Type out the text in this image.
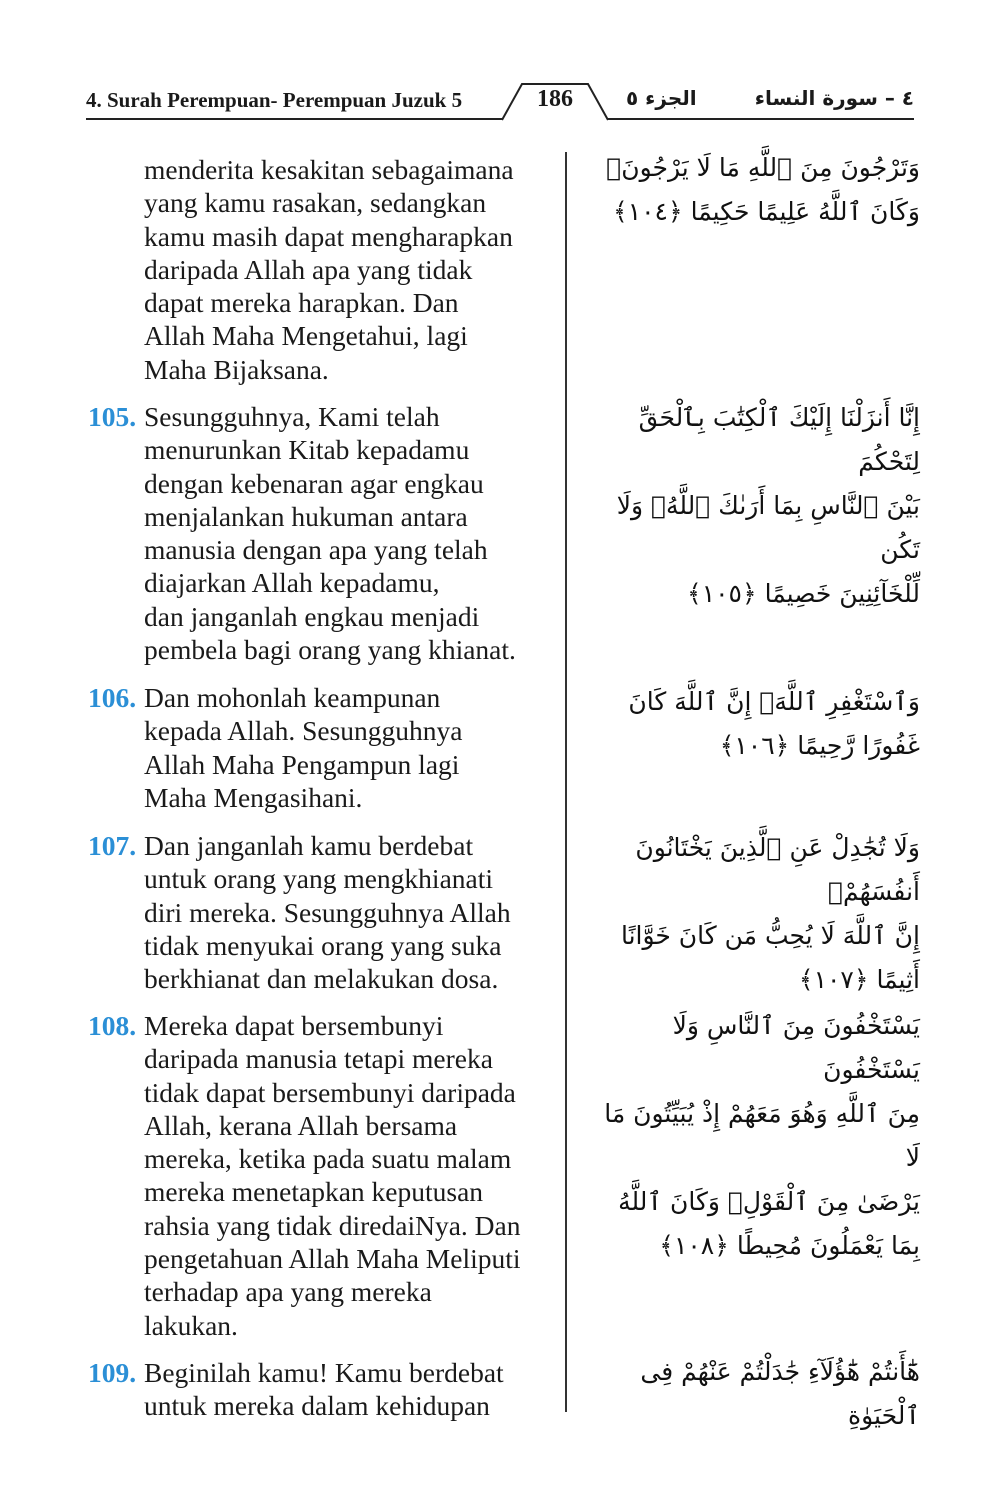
4. Surah Perempuan- Perempuan Juzuk 5	186	الجزء ٥	٤ – سورة النساء
menderita kesakitan sebagaimana
yang kamu rasakan, sedangkan
kamu masih dapat mengharapkan
daripada Allah apa yang tidak
dapat mereka harapkan. Dan
Allah Maha Mengetahui, lagi
Maha Bijaksana.
وَتَرْجُونَ مِنَ ٱللَّهِ مَا لَا يَرْجُونَۗ
وَكَانَ ٱللَّهُ عَلِيمًا حَكِيمًا ﴿١٠٤﴾
105. Sesungguhnya, Kami telah
menurunkan Kitab kepadamu
dengan kebenaran agar engkau
menjalankan hukuman antara
manusia dengan apa yang telah
diajarkan Allah kepadamu,
dan janganlah engkau menjadi
pembela bagi orang yang khianat.
إِنَّا أَنزَلْنَا إِلَيْكَ ٱلْكِتَٰبَ بِٱلْحَقِّ لِتَحْكُمَ
بَيْنَ ٱلنَّاسِ بِمَا أَرَىٰكَ ٱللَّهُۚ وَلَا تَكُن
لِّلْخَآئِنِينَ خَصِيمًا ﴿١٠٥﴾
106. Dan mohonlah keampunan
kepada Allah. Sesungguhnya
Allah Maha Pengampun lagi
Maha Mengasihani.
وَٱسْتَغْفِرِ ٱللَّهَۖ إِنَّ ٱللَّهَ كَانَ
غَفُورًا رَّحِيمًا ﴿١٠٦﴾
107. Dan janganlah kamu berdebat
untuk orang yang mengkhianati
diri mereka. Sesungguhnya Allah
tidak menyukai orang yang suka
berkhianat dan melakukan dosa.
وَلَا تُجَٰدِلْ عَنِ ٱلَّذِينَ يَخْتَانُونَ أَنفُسَهُمْۚ
إِنَّ ٱللَّهَ لَا يُحِبُّ مَن كَانَ خَوَّانًا أَثِيمًا ﴿١٠٧﴾
108. Mereka dapat bersembunyi
daripada manusia tetapi mereka
tidak dapat bersembunyi daripada
Allah, kerana Allah bersama
mereka, ketika pada suatu malam
mereka menetapkan keputusan
rahsia yang tidak diredaiNya. Dan
pengetahuan Allah Maha Meliputi
terhadap apa yang mereka
lakukan.
يَسْتَخْفُونَ مِنَ ٱلنَّاسِ وَلَا يَسْتَخْفُونَ
مِنَ ٱللَّهِ وَهُوَ مَعَهُمْ إِذْ يُبَيِّتُونَ مَا لَا
يَرْضَىٰ مِنَ ٱلْقَوْلِۚ وَكَانَ ٱللَّهُ
بِمَا يَعْمَلُونَ مُحِيطًا ﴿١٠٨﴾
109. Beginilah kamu! Kamu berdebat
untuk mereka dalam kehidupan
هَٰٓأَنتُمْ هَٰٓؤُلَآءِ جَٰدَلْتُمْ عَنْهُمْ فِى ٱلْحَيَوٰةِ
